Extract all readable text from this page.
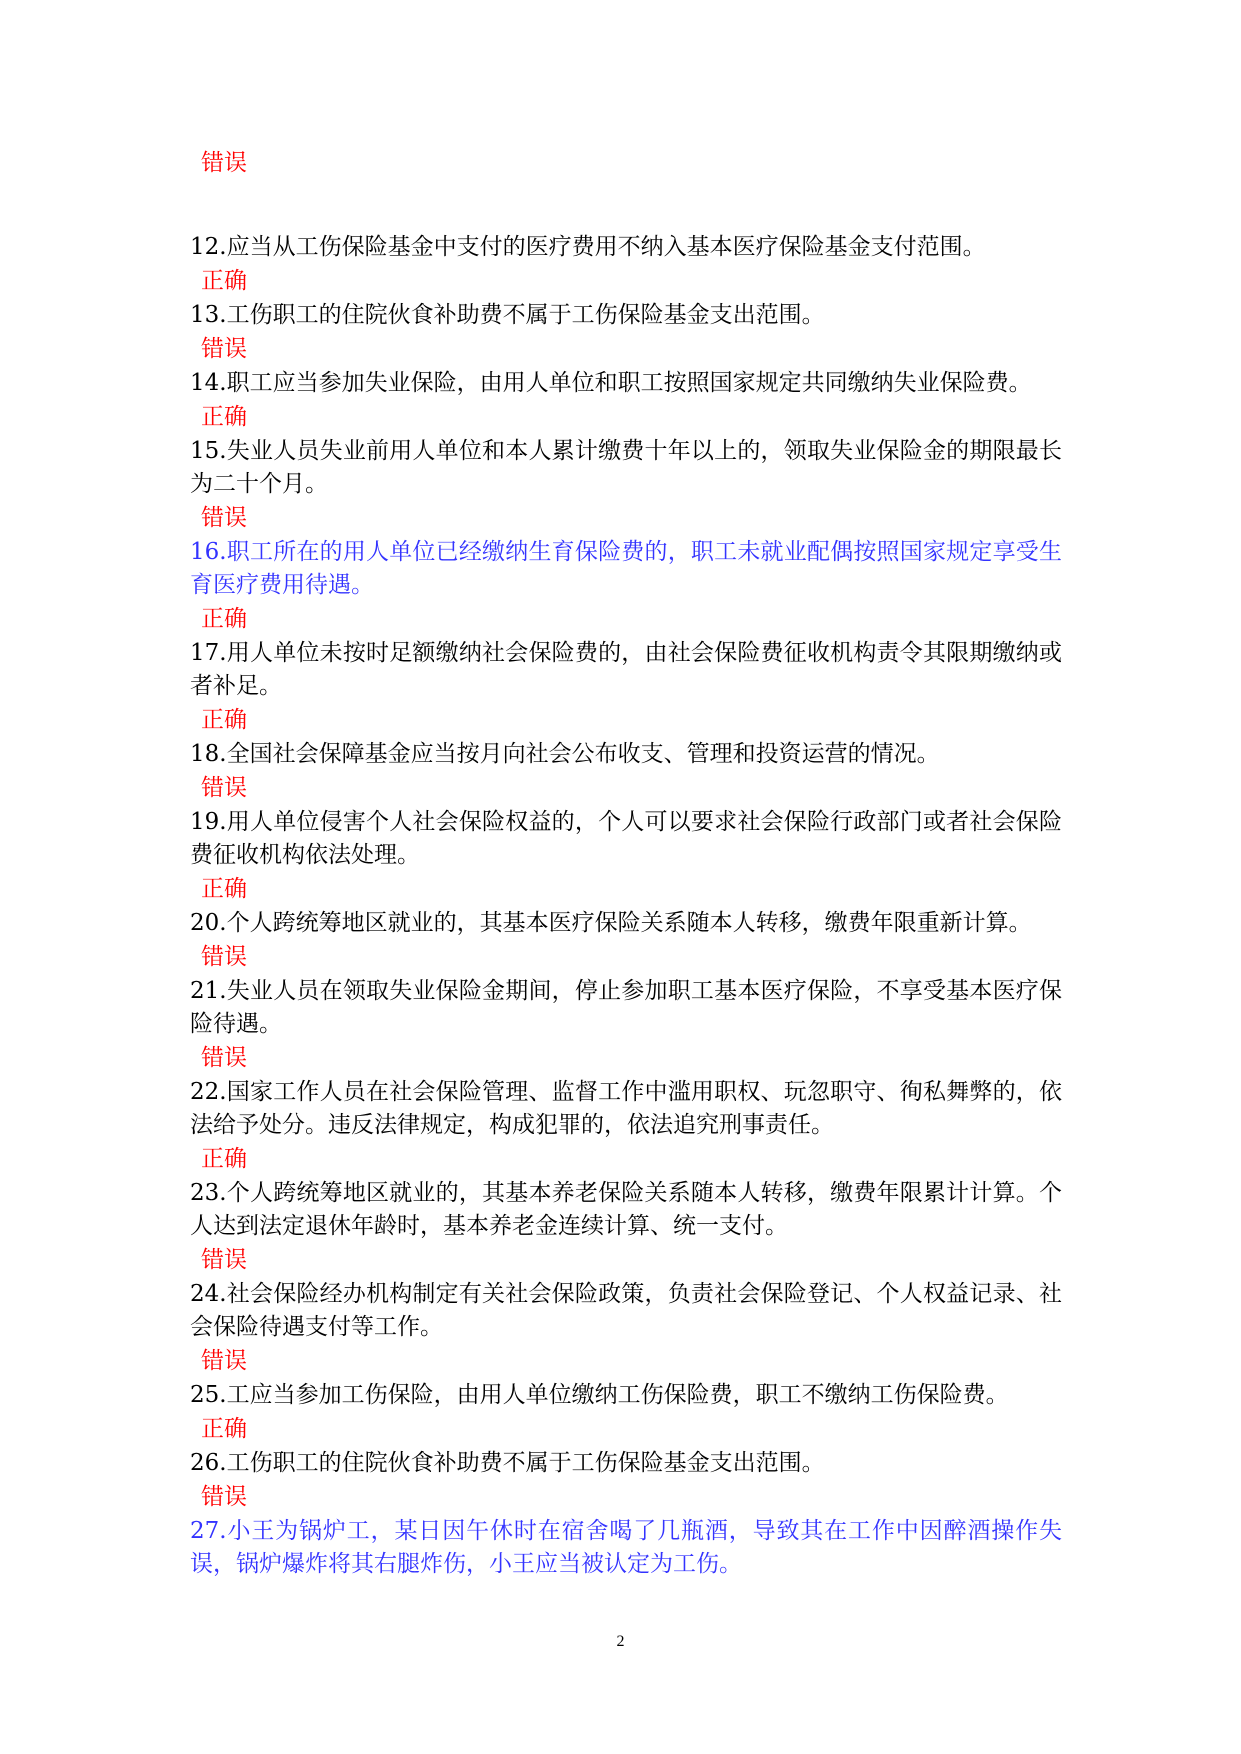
错误
12.应当从工伤保险基金中支付的医疗费用不纳入基本医疗保险基金支付范围。
正确
13.工伤职工的住院伙食补助费不属于工伤保险基金支出范围。
错误
14.职工应当参加失业保险，由用人单位和职工按照国家规定共同缴纳失业保险费。
正确
15.失业人员失业前用人单位和本人累计缴费十年以上的，领取失业保险金的期限最长为二十个月。
错误
16.职工所在的用人单位已经缴纳生育保险费的，职工未就业配偶按照国家规定享受生育医疗费用待遇。
正确
17.用人单位未按时足额缴纳社会保险费的，由社会保险费征收机构责令其限期缴纳或者补足。
正确
18.全国社会保障基金应当按月向社会公布收支、管理和投资运营的情况。
错误
19.用人单位侵害个人社会保险权益的，个人可以要求社会保险行政部门或者社会保险费征收机构依法处理。
正确
20.个人跨统筹地区就业的，其基本医疗保险关系随本人转移，缴费年限重新计算。
错误
21.失业人员在领取失业保险金期间，停止参加职工基本医疗保险，不享受基本医疗保险待遇。
错误
22.国家工作人员在社会保险管理、监督工作中滥用职权、玩忽职守、徇私舞弊的，依法给予处分。违反法律规定，构成犯罪的，依法追究刑事责任。
正确
23.个人跨统筹地区就业的，其基本养老保险关系随本人转移，缴费年限累计计算。个人达到法定退休年龄时，基本养老金连续计算、统一支付。
错误
24.社会保险经办机构制定有关社会保险政策，负责社会保险登记、个人权益记录、社会保险待遇支付等工作。
错误
25.工应当参加工伤保险，由用人单位缴纳工伤保险费，职工不缴纳工伤保险费。
正确
26.工伤职工的住院伙食补助费不属于工伤保险基金支出范围。
错误
27.小王为锅炉工，某日因午休时在宿舍喝了几瓶酒，导致其在工作中因醉酒操作失误，锅炉爆炸将其右腿炸伤，小王应当被认定为工伤。
2
